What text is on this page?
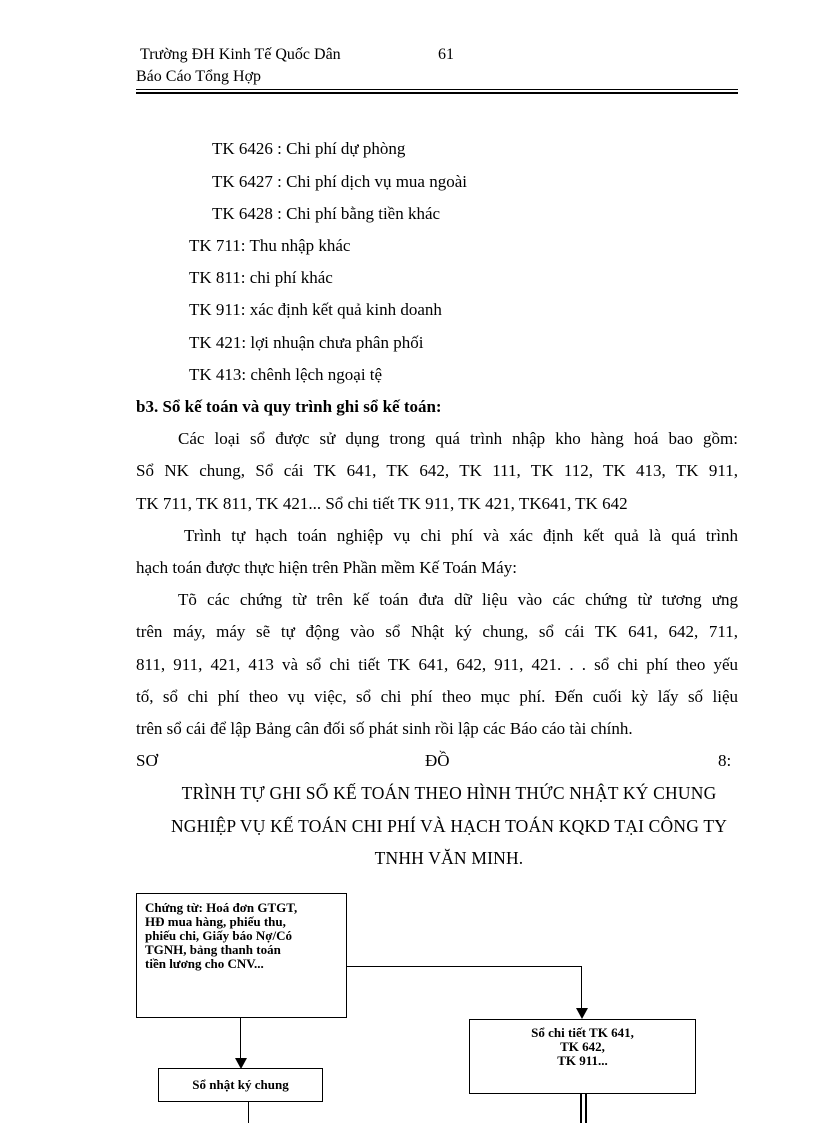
Trường ĐH Kinh Tế Quốc Dân	61
Báo Cáo Tổng Hợp
TK 6426 : Chi phí dự phòng
TK 6427 : Chi phí dịch vụ mua ngoài
TK 6428 : Chi phí bằng tiền khác
TK 711: Thu nhập khác
TK 811: chi phí khác
TK 911: xác định kết quả kinh doanh
TK 421: lợi nhuận chưa phân phối
TK 413: chênh lệch ngoại tệ
b3. Sổ kế toán và quy trình ghi sổ kế toán:
Các loại sổ được sử dụng trong quá trình nhập kho hàng hoá bao gồm:
Sổ NK chung, Sổ cái TK 641, TK 642, TK 111, TK 112, TK 413, TK 911,
TK 711, TK 811, TK 421... Sổ chi tiết TK 911, TK 421, TK641, TK 642
Trình tự hạch toán nghiệp vụ chi phí và xác định kết quả là quá trình
hạch toán được thực hiện trên Phần mềm Kế Toán Máy:
Tõ các chứng từ trên kế toán đưa dữ liệu vào các chứng từ tương ưng
trên máy, máy sẽ tự động vào sổ Nhật ký chung, sổ cái TK 641, 642, 711,
811, 911, 421, 413 và sổ chi tiết TK 641, 642, 911, 421. . . sổ chi phí theo yếu
tố, sổ chi phí theo vụ việc, sổ chi phí theo mục phí. Đến cuối kỳ lấy số liệu
trên sổ cái để lập Bảng cân đối số phát sinh rồi lập các Báo cáo tài chính.
SƠ	ĐỒ	8:
TRÌNH TỰ GHI SỔ KẾ TOÁN THEO HÌNH THỨC NHẬT KÝ CHUNG
NGHIỆP VỤ KẾ TOÁN CHI PHÍ VÀ HẠCH TOÁN KQKD TẠI CÔNG TY
TNHH VĂN MINH.
Chứng từ: Hoá đơn GTGT,
HĐ mua hàng, phiếu thu,
phiếu chi, Giấy báo Nợ/Có
TGNH, bảng thanh toán
tiền lương cho CNV...
Sổ chi tiết TK 641,
TK 642,
TK 911...
Sổ nhật ký chung
